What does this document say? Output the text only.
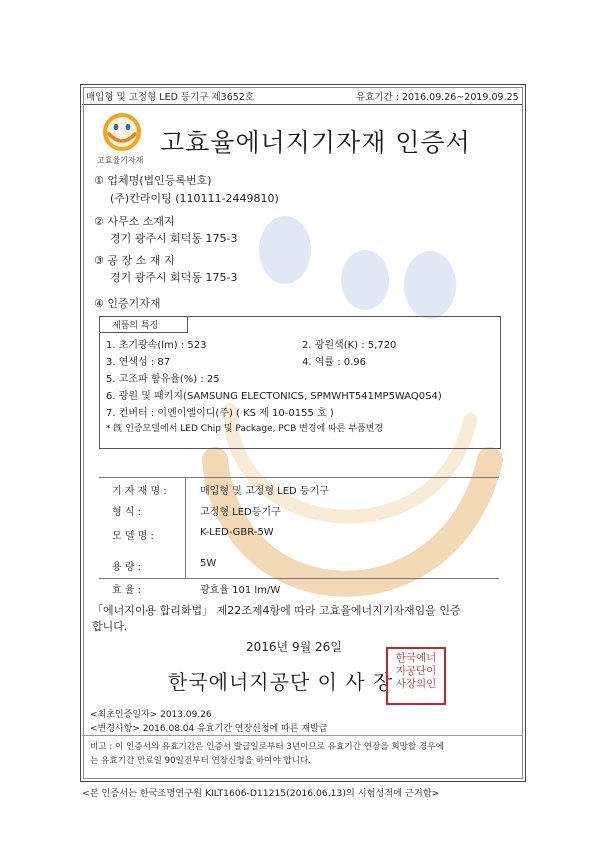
매입형 및 고정형 LED 등기구 제3652호	유효기간 : 2016.09.26~2019.09.25
고효율기자재
고효율에너지기자재 인증서
① 업체명(법인등록번호)
(주)칸라이팅 (110111-2449810)
② 사무소 소재지
경기 광주시 회덕동 175-3
③ 공 장 소 재 지
경기 광주시 회덕동 175-3
④ 인증기자재
제품의 특징
1. 초기광속(lm) : 523	2. 광원색(K) : 5,720
3. 연색성 : 87	4. 역률 : 0.96
5. 고조파 함유율(%) : 25
6. 광원 및 패키지(SAMSUNG ELECTONICS, SPMWHT541MP5WAQ0S4)
7. 컨버터 : 이엔이엘이디(주) ( KS 제 10-0155 호 )
* 旣 인증모델에서 LED Chip 및 Package, PCB 변경에 따른 부품변경
기 자 재 명 :	매입형 및 고정형 LED 등기구
형 식 :	고정형 LED등기구
모 델 명 :	K-LED-GBR-5W
용 량 :	5W
효 율 :	광효율 101 lm/W
「에너지이용 합리화법」 제22조제4항에 따라 고효율에너지기자재임을 인증
합니다.
2016년 9월 26일
한국에너지공단 이 사 장
한국에너
지공단이
사장의인
<최초인증일자> 2013.09.26
<변경사항> 2016.08.04 유효기간 연장신청에 따른 재발급
비고 : 이 인증서의 유효기간은 인증서 발급일로부터 3년이므로 유효기간 연장을 희망할 경우에
는 유효기간 만료일 90일전부터 연장신청을 하여야 합니다.
<본 인증서는 한국조명연구원 KILT1606-D11215(2016.06.13)의 시험성적에 근거함>
